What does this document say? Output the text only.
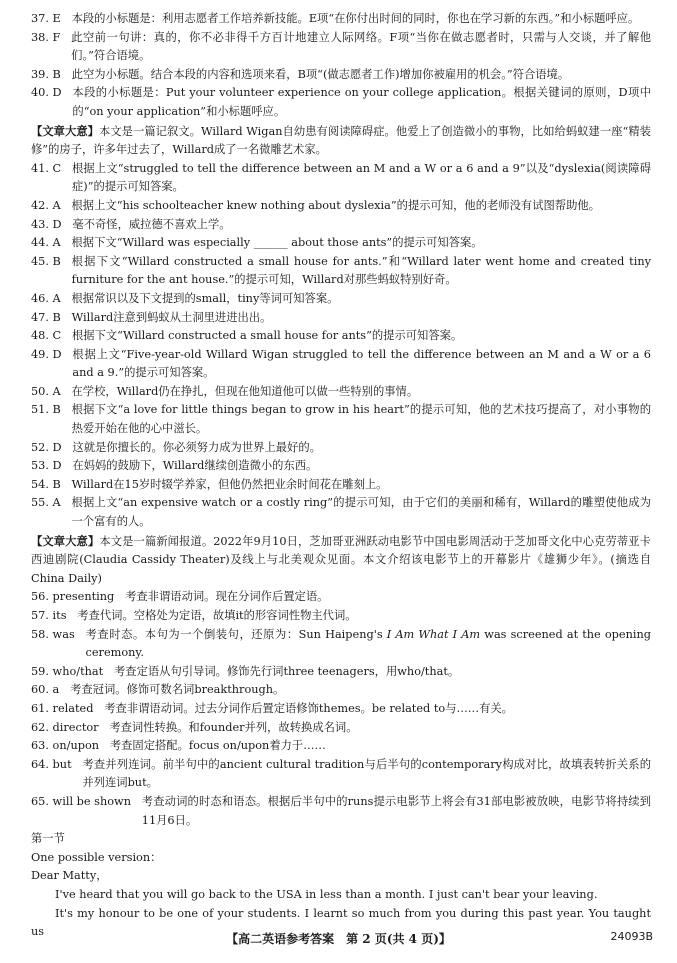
37. E 本段的小标题是：利用志愿者工作培养新技能。E项“在你付出时间的同时，你也在学习新的东西。”和小标题呼应。
38. F 此空前一句讲：真的，你不必非得千方百计地建立人际网络。F项“当你在做志愿者时，只需与人交谈，并了解他们。”符合语境。
39. B 此空为小标题。结合本段的内容和选项来看，B项“(做志愿者工作)增加你被雇用的机会。”符合语境。
40. D 本段的小标题是：Put your volunteer experience on your college application。根据关键词的原则，D项中的“on your application”和小标题呼应。
【文章大意】本文是一篇记叙文。Willard Wigan自幼患有阅读障碍症。他爱上了创造微小的事物，比如给蚂蚁建一座“精装修”的房子，许多年过去了，Willard成了一名微雕艺术家。
41. C 根据上文“struggled to tell the difference between an M and a W or a 6 and a 9”以及“dyslexia(阅读障碍症)”的提示可知答案。
42. A 根据上文“his schoolteacher knew nothing about dyslexia”的提示可知，他的老师没有试图帮助他。
43. D 毫不奇怪，威拉德不喜欢上学。
44. A 根据下文“Willard was especially ______ about those ants”的提示可知答案。
45. B 根据下文“Willard constructed a small house for ants.”和“Willard later went home and created tiny furniture for the ant house.”的提示可知，Willard对那些蚂蚁特别好奇。
46. A 根据常识以及下文提到的small，tiny等词可知答案。
47. B Willard注意到蚂蚁从土洞里进进出出。
48. C 根据下文“Willard constructed a small house for ants”的提示可知答案。
49. D 根据上文“Five-year-old Willard Wigan struggled to tell the difference between an M and a W or a 6 and a 9.”的提示可知答案。
50. A 在学校，Willard仍在挣扎，但现在他知道他可以做一些特别的事情。
51. B 根据下文“a love for little things began to grow in his heart”的提示可知，他的艺术技巧提高了，对小事物的热爱开始在他的心中滋长。
52. D 这就是你擅长的。你必须努力成为世界上最好的。
53. D 在妈妈的鼓励下，Willard继续创造微小的东西。
54. B Willard在15岁时辍学养家，但他仍然把业余时间花在雕刻上。
55. A 根据上文“an expensive watch or a costly ring”的提示可知，由于它们的美丽和稀有，Willard的雕塑使他成为一个富有的人。
【文章大意】本文是一篇新闻报道。2022年9月10日，芝加哥亚洲跃动电影节中国电影周活动于芝加哥文化中心克劳蒂亚卡西迪剧院(Claudia Cassidy Theater)及线上与北美观众见面。本文介绍该电影节上的开幕影片《雄狮少年》。(摘选自China Daily)
56. presenting 考查非谓语动词。现在分词作后置定语。
57. its 考查代词。空格处为定语，故填it的形容词性物主代词。
58. was 考查时态。本句为一个倒装句，还原为：Sun Haipeng's I Am What I Am was screened at the opening ceremony.
59. who/that 考查定语从句引导词。修饰先行词three teenagers，用who/that。
60. a 考查冠词。修饰可数名词breakthrough。
61. related 考查非谓语动词。过去分词作后置定语修饰themes。be related to与……有关。
62. director 考查词性转换。和founder并列，故转换成名词。
63. on/upon 考查固定搭配。focus on/upon着力于……
64. but 考查并列连词。前半句中的ancient cultural tradition与后半句的contemporary构成对比，故填表转折关系的并列连词but。
65. will be shown 考查动词的时态和语态。根据后半句中的runs提示电影节上将会有31部电影被放映，电影节将持续到11月6日。
第一节
One possible version：
Dear Matty，
I've heard that you will go back to the USA in less than a month. I just can't bear your leaving.
It's my honour to be one of your students. I learnt so much from you during this past year. You taught us
【高二英语参考答案　第 2 页(共 4 页)】	24093B
